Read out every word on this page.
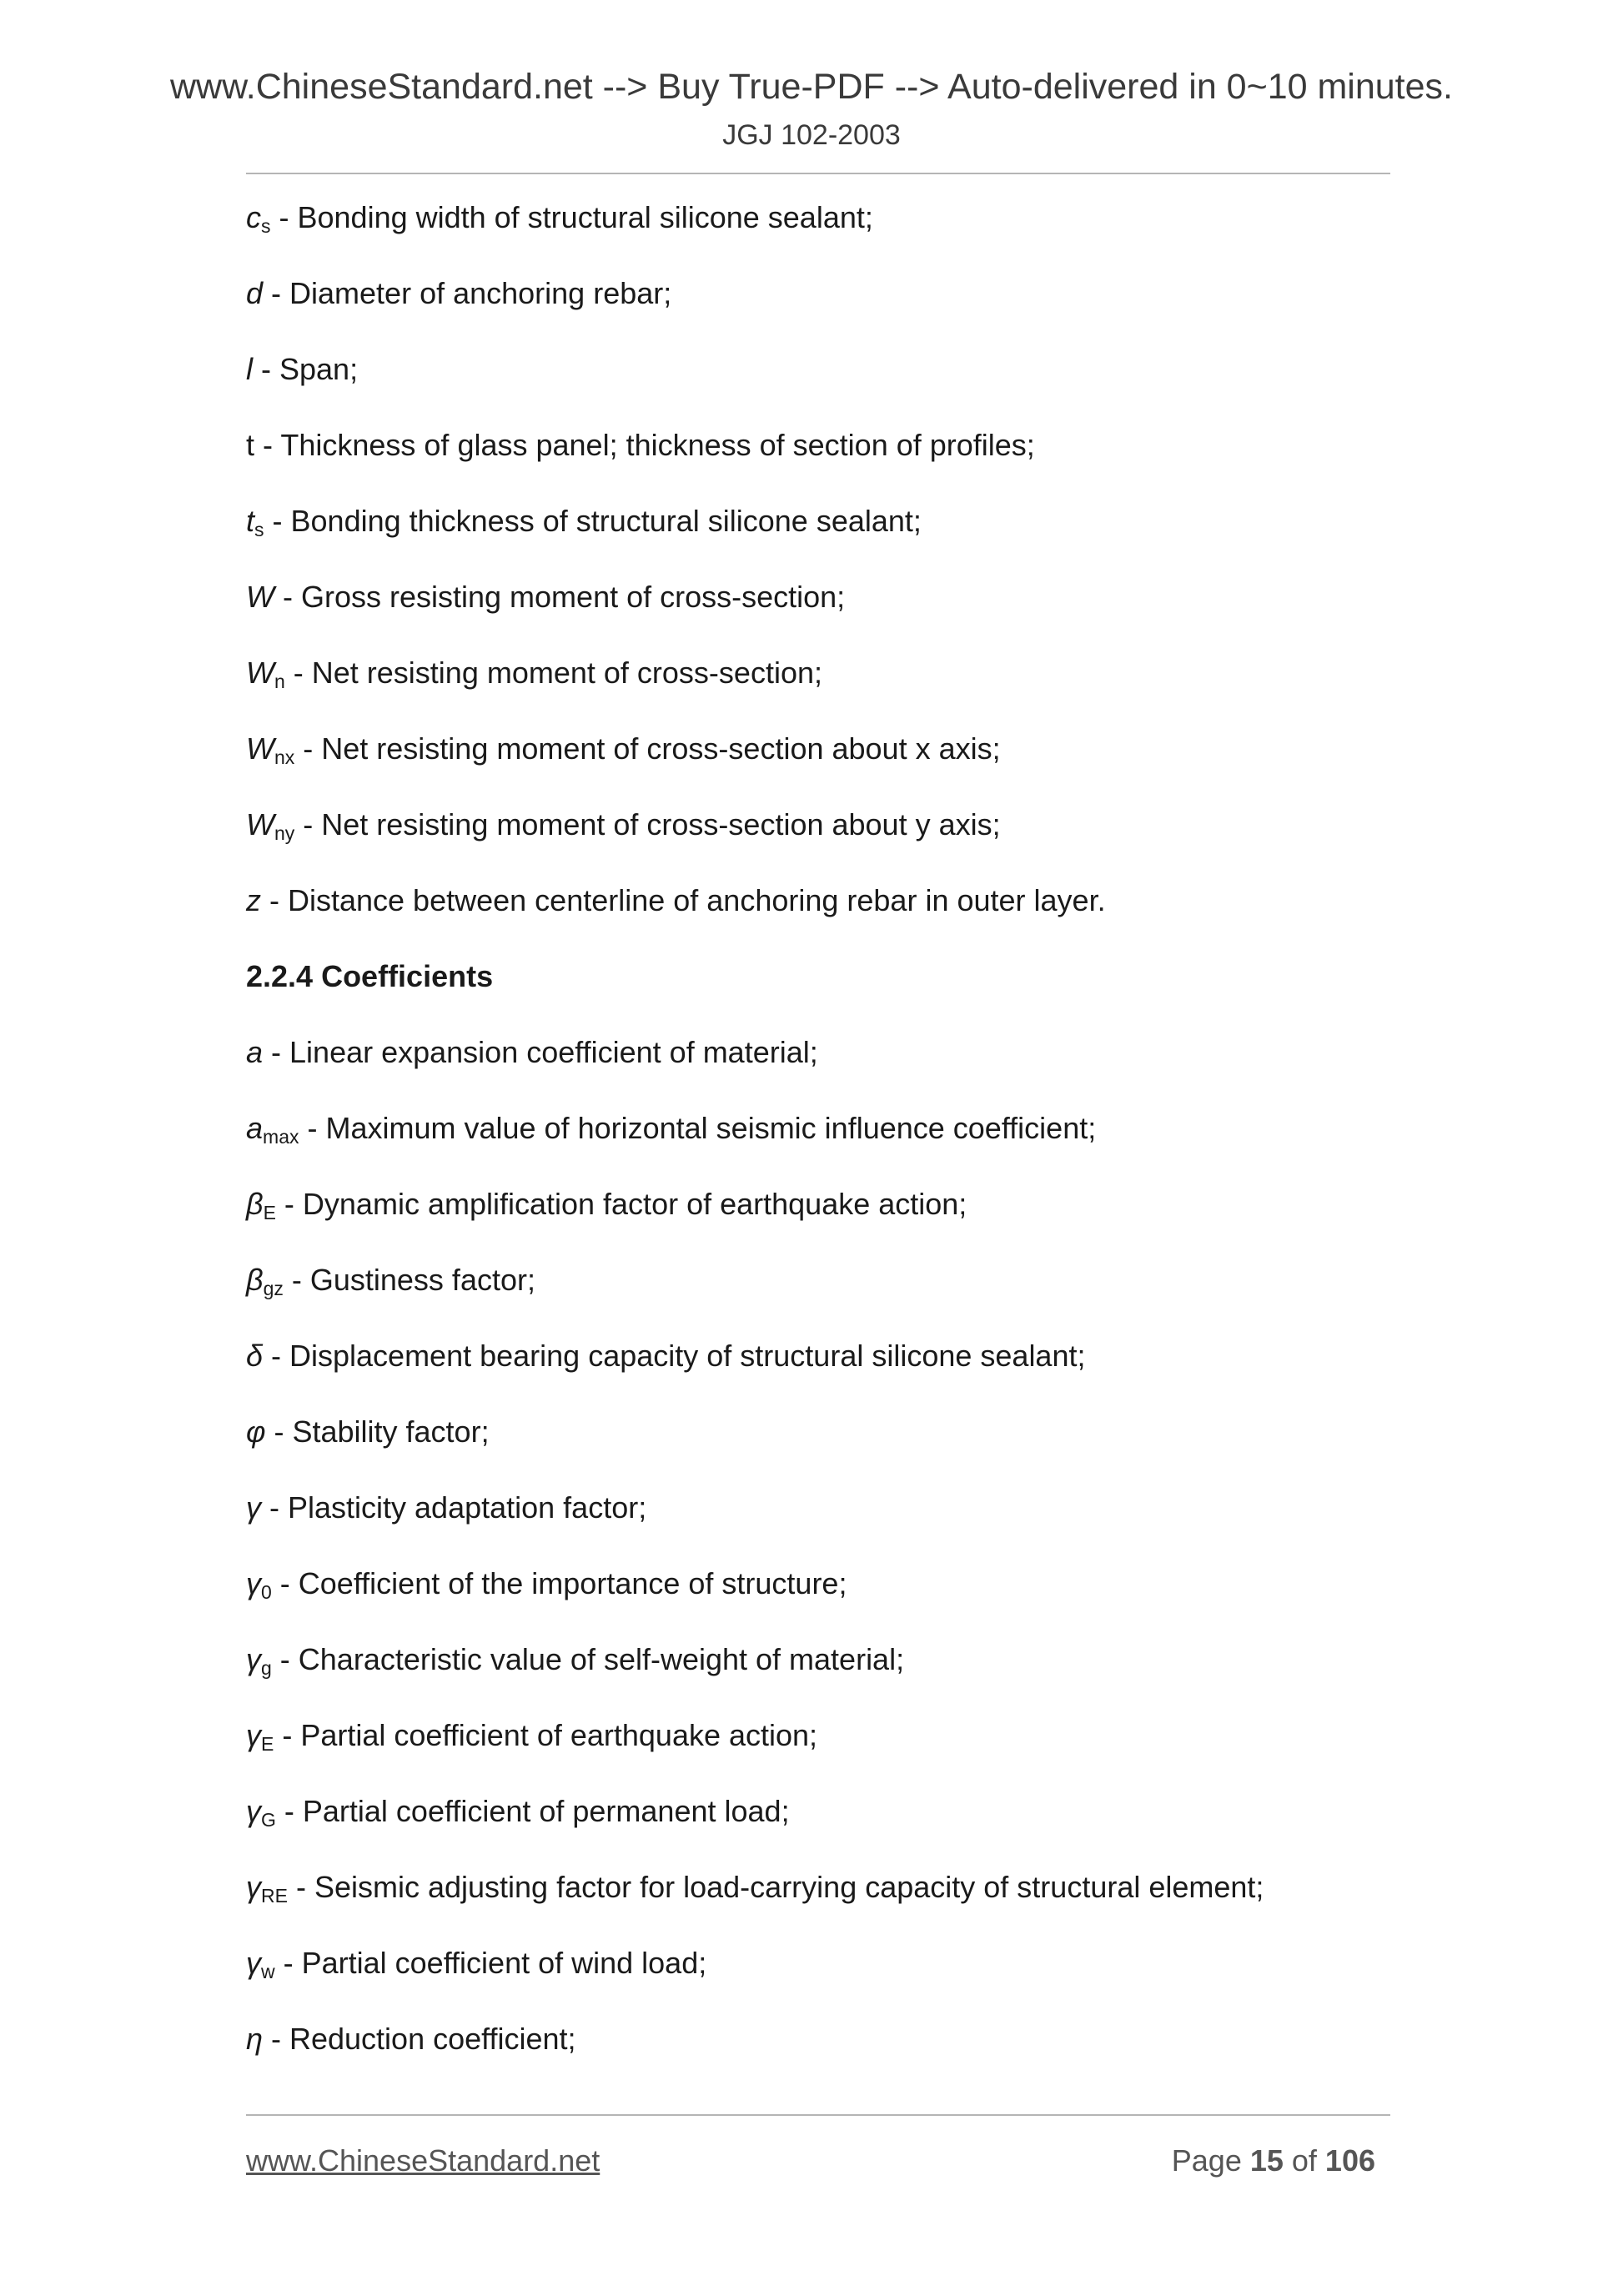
www.ChineseStandard.net --> Buy True-PDF --> Auto-delivered in 0~10 minutes.
JGJ 102-2003
$c_s$ - Bonding width of structural silicone sealant;
d - Diameter of anchoring rebar;
l - Span;
t - Thickness of glass panel; thickness of section of profiles;
$t_s$ - Bonding thickness of structural silicone sealant;
W - Gross resisting moment of cross-section;
$W_n$ - Net resisting moment of cross-section;
$W_{nx}$ - Net resisting moment of cross-section about x axis;
$W_{ny}$ - Net resisting moment of cross-section about y axis;
z - Distance between centerline of anchoring rebar in outer layer.
2.2.4 Coefficients
a - Linear expansion coefficient of material;
$a_{max}$ - Maximum value of horizontal seismic influence coefficient;
$\beta_E$ - Dynamic amplification factor of earthquake action;
$\beta_{gz}$ - Gustiness factor;
δ - Displacement bearing capacity of structural silicone sealant;
φ - Stability factor;
γ - Plasticity adaptation factor;
$\gamma_0$ - Coefficient of the importance of structure;
$\gamma_g$ - Characteristic value of self-weight of material;
$\gamma_E$ - Partial coefficient of earthquake action;
$\gamma_G$ - Partial coefficient of permanent load;
$\gamma_{RE}$ - Seismic adjusting factor for load-carrying capacity of structural element;
$\gamma_w$ - Partial coefficient of wind load;
η - Reduction coefficient;
www.ChineseStandard.net	Page 15 of 106
